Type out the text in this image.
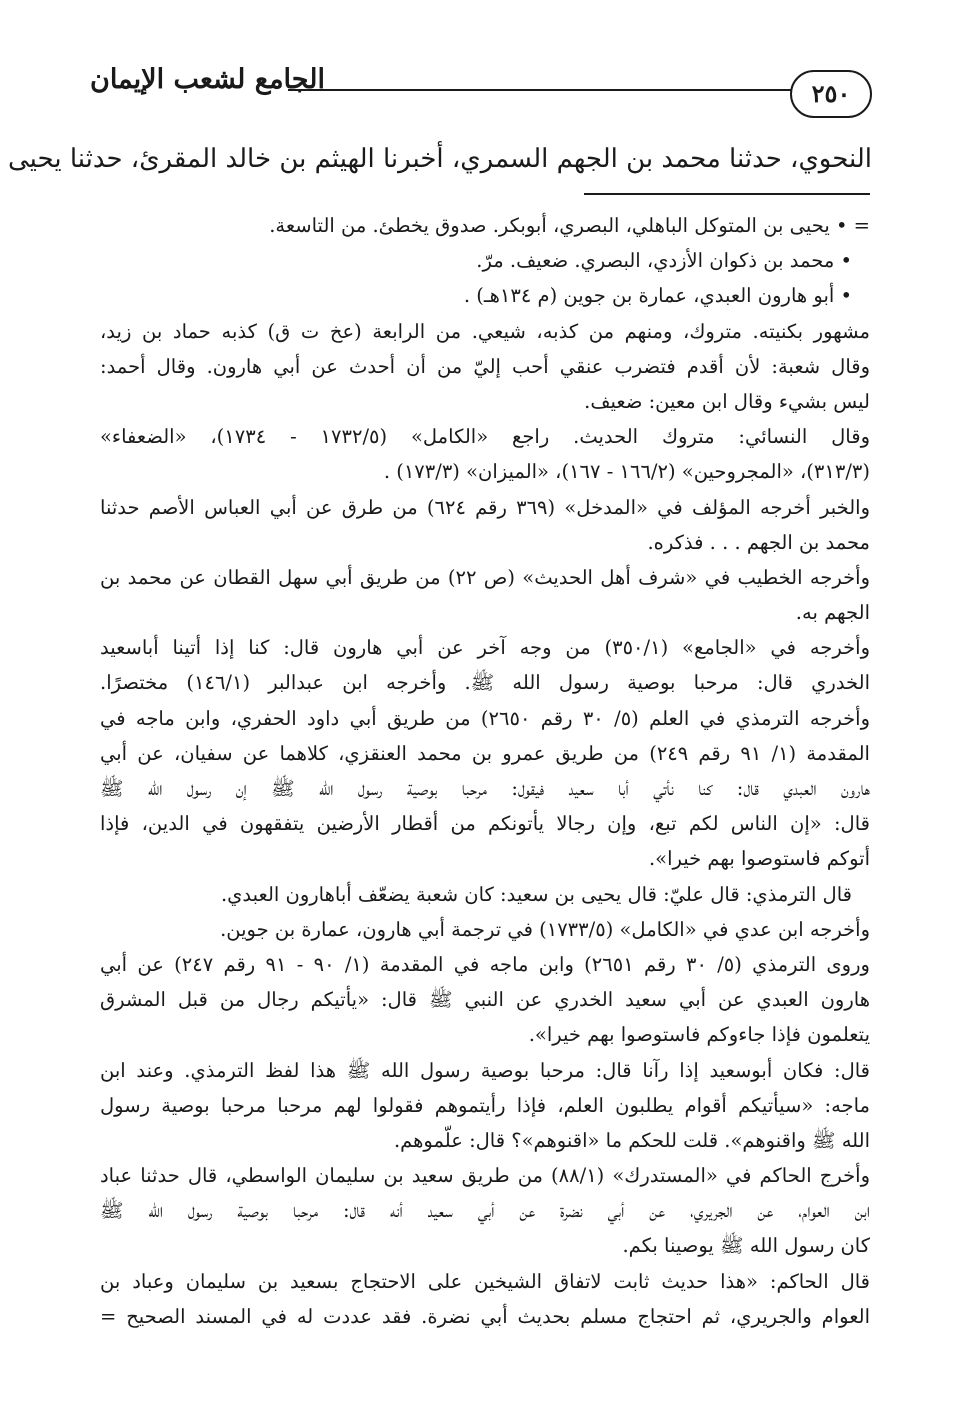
الجامع لشعب الإيمان	٢٥٠
النحوي، حدثنا محمد بن الجهم السمري، أخبرنا الهيثم بن خالد المقرئ، حدثنا يحيى
= • يحيى بن المتوكل الباهلي، البصري، أبوبكر. صدوق يخطئ. من التاسعة.
• محمد بن ذكوان الأزدي، البصري. ضعيف. مرّ.
• أبو هارون العبدي، عمارة بن جوين (م ١٣٤هـ) .
مشهور بكنيته. متروك، ومنهم من كذبه، شيعي. من الرابعة (عخ ت ق) كذبه حماد بن زيد،
وقال شعبة: لأن أقدم فتضرب عنقي أحب إليّ من أن أحدث عن أبي هارون. وقال أحمد:
ليس بشيء وقال ابن معين: ضعيف.
وقال النسائي: متروك الحديث. راجع «الكامل» (١٧٣٢/٥ - ١٧٣٤)، «الضعفاء»
(٣١٣/٣)، «المجروحين» (١٦٦/٢ - ١٦٧)، «الميزان» (١٧٣/٣) .
والخبر أخرجه المؤلف في «المدخل» (٣٦٩ رقم ٦٢٤) من طرق عن أبي العباس الأصم حدثنا
محمد بن الجهم . . . فذكره.
وأخرجه الخطيب في «شرف أهل الحديث» (ص ٢٢) من طريق أبي سهل القطان عن محمد بن
الجهم به.
وأخرجه في «الجامع» (٣٥٠/١) من وجه آخر عن أبي هارون قال: كنا إذا أتينا أباسعيد
الخدري قال: مرحبا بوصية رسول الله ﷺ. وأخرجه ابن عبدالبر (١٤٦/١) مختصرًا.
وأخرجه الترمذي في العلم (٥/ ٣٠ رقم ٢٦٥٠) من طريق أبي داود الحفري، وابن ماجه في
المقدمة (١/ ٩١ رقم ٢٤٩) من طريق عمرو بن محمد العنقزي، كلاهما عن سفيان، عن أبي
هارون العبدي قال: كنا نأتي أبا سعيد فيقول: مرحبا بوصية رسول الله ﷺ إن رسول الله ﷺ
قال: «إن الناس لكم تبع، وإن رجالا يأتونكم من أقطار الأرضين يتفقهون في الدين، فإذا
أتوكم فاستوصوا بهم خيرا».
قال الترمذي: قال عليّ: قال يحيى بن سعيد: كان شعبة يضعّف أباهارون العبدي.
وأخرجه ابن عدي في «الكامل» (١٧٣٣/٥) في ترجمة أبي هارون، عمارة بن جوين.
وروى الترمذي (٥/ ٣٠ رقم ٢٦٥١) وابن ماجه في المقدمة (١/ ٩٠ - ٩١ رقم ٢٤٧) عن أبي
هارون العبدي عن أبي سعيد الخدري عن النبي ﷺ قال: «يأتيكم رجال من قبل المشرق
يتعلمون فإذا جاءوكم فاستوصوا بهم خيرا».
قال: فكان أبوسعيد إذا رآنا قال: مرحبا بوصية رسول الله ﷺ هذا لفظ الترمذي. وعند ابن
ماجه: «سيأتيكم أقوام يطلبون العلم، فإذا رأيتموهم فقولوا لهم مرحبا مرحبا بوصية رسول
الله ﷺ واقنوهم». قلت للحكم ما «اقنوهم»؟ قال: علّموهم.
وأخرج الحاكم في «المستدرك» (٨٨/١) من طريق سعيد بن سليمان الواسطي، قال حدثنا عباد
ابن العوام، عن الجريري، عن أبي نضرة عن أبي سعيد أنه قال: مرحبا بوصية رسول الله ﷺ
كان رسول الله ﷺ يوصينا بكم.
قال الحاكم: «هذا حديث ثابت لاتفاق الشيخين على الاحتجاج بسعيد بن سليمان وعباد بن
العوام والجريري، ثم احتجاج مسلم بحديث أبي نضرة. فقد عددت له في المسند الصحيح =
